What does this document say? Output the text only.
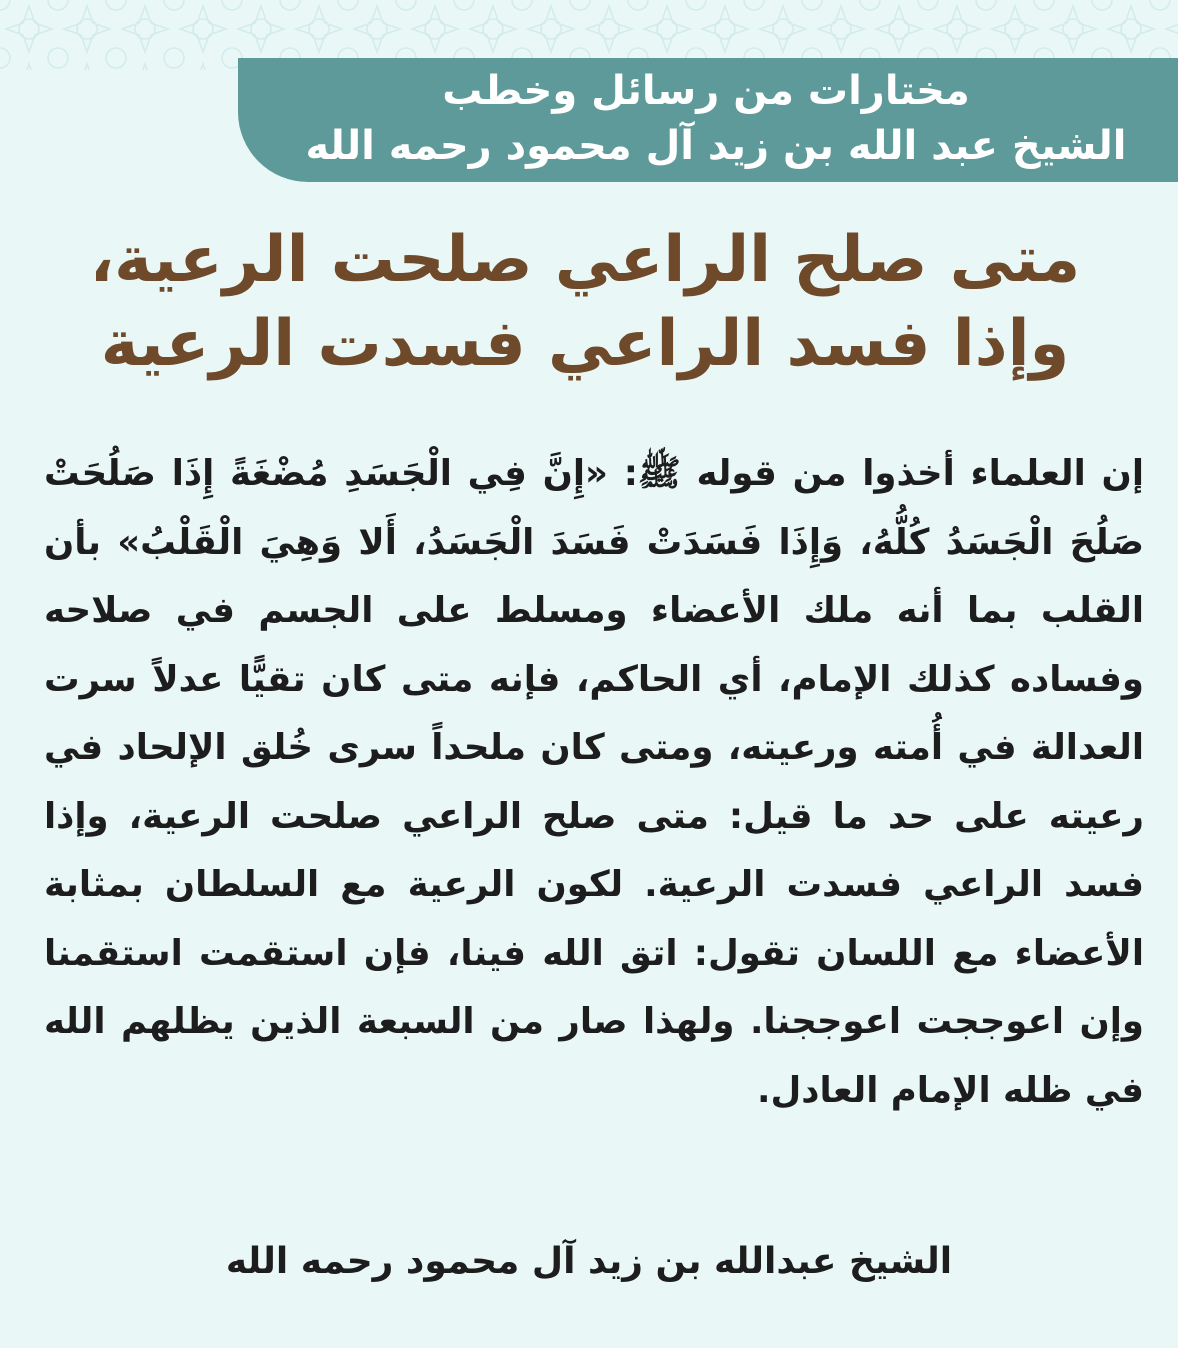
مختارات من رسائل وخطب
الشيخ عبد الله بن زيد آل محمود رحمه الله
متى صلح الراعي صلحت الرعية،
وإذا فسد الراعي فسدت الرعية
إن العلماء أخذوا من قوله ﷺ: «إِنَّ فِي الْجَسَدِ مُضْغَةً إِذَا صَلُحَتْ صَلُحَ الْجَسَدُ كُلُّهُ، وَإِذَا فَسَدَتْ فَسَدَ الْجَسَدُ، أَلا وَهِيَ الْقَلْبُ» بأن القلب بما أنه ملك الأعضاء ومسلط على الجسم في صلاحه وفساده كذلك الإمام، أي الحاكم، فإنه متى كان تقيًّا عدلاً سرت العدالة في أُمته ورعيته، ومتى كان ملحداً سرى خُلق الإلحاد في رعيته على حد ما قيل: متى صلح الراعي صلحت الرعية، وإذا فسد الراعي فسدت الرعية. لكون الرعية مع السلطان بمثابة الأعضاء مع اللسان تقول: اتق الله فينا، فإن استقمت استقمنا وإن اعوججت اعوججنا. ولهذا صار من السبعة الذين يظلهم الله في ظله الإمام العادل.
الشيخ عبدالله بن زيد آل محمود رحمه الله
